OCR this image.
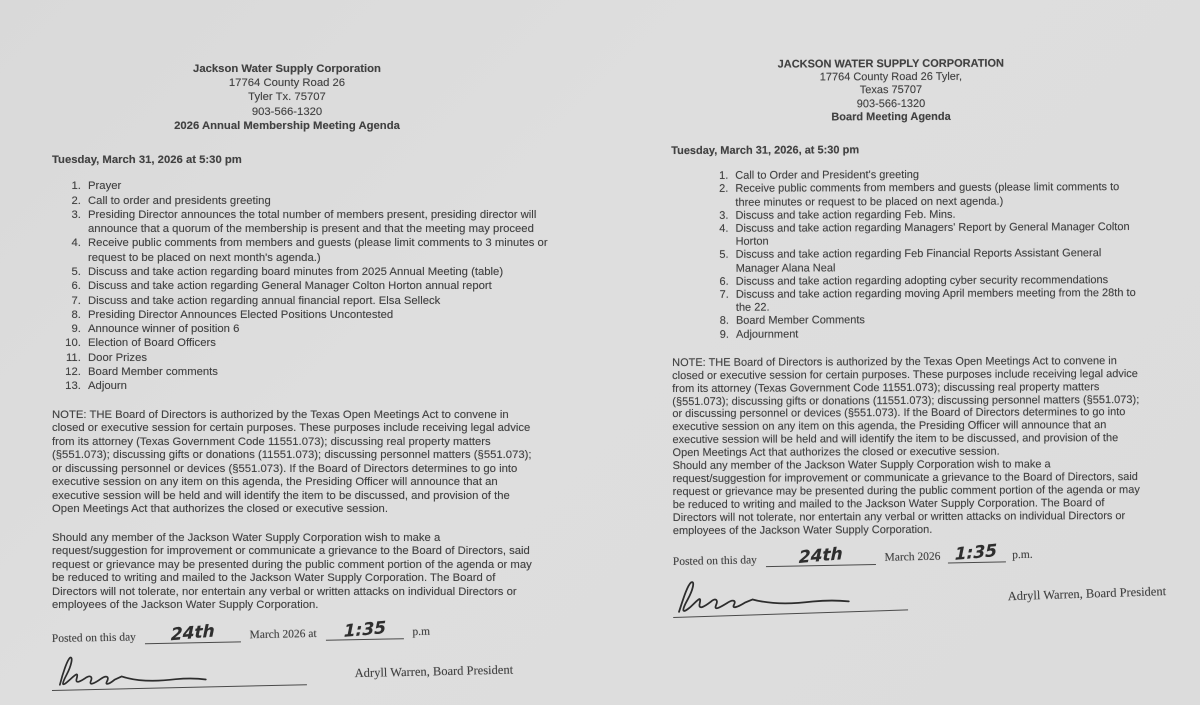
Jackson Water Supply Corporation
17764 County Road 26
Tyler Tx. 75707
903-566-1320
2026 Annual Membership Meeting Agenda
Tuesday, March 31, 2026 at 5:30 pm
1. Prayer
2. Call to order and presidents greeting
3. Presiding Director announces the total number of members present, presiding director will announce that a quorum of the membership is present and that the meeting may proceed
4. Receive public comments from members and guests (please limit comments to 3 minutes or request to be placed on next month's agenda.)
5. Discuss and take action regarding board minutes from 2025 Annual Meeting (table)
6. Discuss and take action regarding General Manager Colton Horton annual report
7. Discuss and take action regarding annual financial report. Elsa Selleck
8. Presiding Director Announces Elected Positions Uncontested
9. Announce winner of position 6
10. Election of Board Officers
11. Door Prizes
12. Board Member comments
13. Adjourn

NOTE: THE Board of Directors is authorized by the Texas Open Meetings Act to convene in closed or executive session for certain purposes. These purposes include receiving legal advice from its attorney (Texas Government Code 11551.073); discussing real property matters (§551.073); discussing gifts or donations (11551.073); discussing personnel matters (§551.073); or discussing personnel or devices (§551.073). If the Board of Directors determines to go into executive session on any item on this agenda, the Presiding Officer will announce that an executive session will be held and will identify the item to be discussed, and provision of the Open Meetings Act that authorizes the closed or executive session.

Should any member of the Jackson Water Supply Corporation wish to make a request/suggestion for improvement or communicate a grievance to the Board of Directors, said request or grievance may be presented during the public comment portion of the agenda or may be reduced to writing and mailed to the Jackson Water Supply Corporation. The Board of Directors will not tolerate, nor entertain any verbal or written attacks on individual Directors or employees of the Jackson Water Supply Corporation.

Posted on this day 24th	March 2026 at 1:35 p.m
Adryll Warren, Board President
JACKSON WATER SUPPLY CORPORATION
17764 County Road 26 Tyler,
Texas 75707
903-566-1320
Board Meeting Agenda
Tuesday, March 31, 2026, at 5:30 pm
1. Call to Order and President's greeting
2. Receive public comments from members and guests (please limit comments to three minutes or request to be placed on next agenda.)
3. Discuss and take action regarding Feb. Mins.
4. Discuss and take action regarding Managers' Report by General Manager Colton Horton
5. Discuss and take action regarding Feb Financial Reports Assistant General Manager Alana Neal
6. Discuss and take action regarding adopting cyber security recommendations
7. Discuss and take action regarding moving April members meeting from the 28th to the 22.
8. Board Member Comments
9. Adjournment

NOTE: THE Board of Directors is authorized by the Texas Open Meetings Act to convene in closed or executive session for certain purposes. These purposes include receiving legal advice from its attorney (Texas Government Code 11551.073); discussing real property matters (§551.073); discussing gifts or donations (11551.073); discussing personnel matters (§551.073); or discussing personnel or devices (§551.073). If the Board of Directors determines to go into executive session on any item on this agenda, the Presiding Officer will announce that an executive session will be held and will identify the item to be discussed, and provision of the Open Meetings Act that authorizes the closed or executive session.

Should any member of the Jackson Water Supply Corporation wish to make a request/suggestion for improvement or communicate a grievance to the Board of Directors, said request or grievance may be presented during the public comment portion of the agenda or may be reduced to writing and mailed to the Jackson Water Supply Corporation. The Board of Directors will not tolerate, nor entertain any verbal or written attacks on individual Directors or employees of the Jackson Water Supply Corporation.

Posted on this day 24th	March 2026 1:35 p.m.
Adryll Warren, Board President
